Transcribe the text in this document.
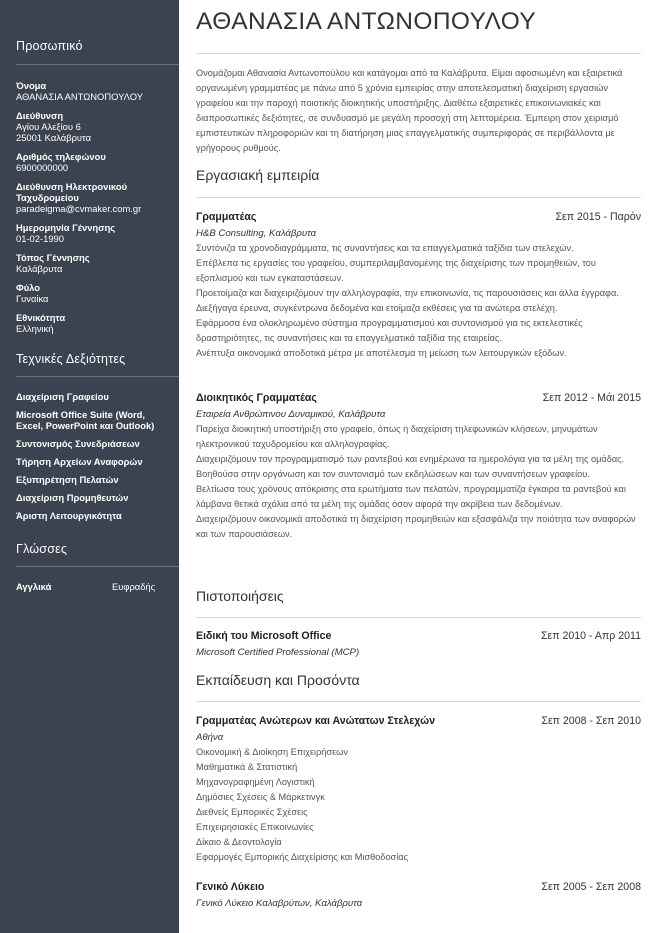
Προσωπικό
Όνομα
ΑΘΑΝΑΣΙΑ ΑΝΤΩΝΟΠΟΥΛΟΥ
Διεύθυνση
Αγίου Αλεξίου 6
25001 Καλάβρυτα
Αριθμός τηλεφώνου
6900000000
Διεύθυνση Ηλεκτρονικού Ταχυδρομείου
paradeigma@cvmaker.com.gr
Ημερομηνία Γέννησης
01-02-1990
Τόπος Γέννησης
Καλάβρυτα
Φύλο
Γυναίκα
Εθνικότητα
Ελληνική
Τεχνικές Δεξιότητες
Διαχείριση Γραφείου
Microsoft Office Suite (Word, Excel, PowerPoint και Outlook)
Συντονισμός Συνεδριάσεων
Τήρηση Αρχείων Αναφορών
Εξυπηρέτηση Πελατών
Διαχείριση Προμηθευτών
Άριστη Λειτουργικότητα
Γλώσσες
Αγγλικά	Ευφραδής
ΑΘΑΝΑΣΙΑ ΑΝΤΩΝΟΠΟΥΛΟΥ
Ονομάζομαι Αθανασία Αντωνοπούλου και κατάγομαι από τα Καλάβρυτα. Είμαι αφοσιωμένη και εξαιρετικά οργανωμένη γραμματέας με πάνω από 5 χρόνια εμπειρίας στην αποτελεσματική διαχείριση εργασιών γραφείου και την παροχή ποιοτικής διοικητικής υποστήριξης. Διαθέτω εξαιρετικές επικοινωνιακές και διαπροσωπικές δεξιότητες, σε συνδυασμό με μεγάλη προσοχή στη λεπτομέρεια. Έμπειρη στον χειρισμό εμπιστευτικών πληροφοριών και τη διατήρηση μιας επαγγελματικής συμπεριφοράς σε περιβάλλοντα με γρήγορους ρυθμούς.
Εργασιακή εμπειρία
Γραμματέας	Σεπ 2015 - Παρόν
H&B Consulting, Καλάβρυτα

Συντόνιζα τα χρονοδιαγράμματα, τις συναντήσεις και τα επαγγελματικά ταξίδια των στελεχών.

Επέβλεπα τις εργασίες του γραφείου, συμπεριλαμβανομένης της διαχείρισης των προμηθειών, του εξοπλισμού και των εγκαταστάσεων.

Προετοίμαζα και διαχειριζόμουν την αλληλογραφία, την επικοινωνία, τις παρουσιάσεις και άλλα έγγραφα.

Διεξήγαγα έρευνα, συγκέντρωνα δεδομένα και ετοίμαζα εκθέσεις για τα ανώτερα στελέχη.

Εφάρμοσα ένα ολοκληρωμένο σύστημα προγραμματισμού και συντονισμού για τις εκτελεστικές δραστηριότητες, τις συναντήσεις και τα επαγγελματικά ταξίδια της εταιρείας.

Ανέπτυξα οικονομικά αποδοτικά μέτρα με αποτέλεσμα τη μείωση των λειτουργικών εξόδων.

Διοικητικός Γραμματέας	Σεπ 2012 - Μάι 2015
Εταιρεία Ανθρώπινου Δυναμικού, Καλάβρυτα

Παρείχα διοικητική υποστήριξη στο γραφείο, όπως η διαχείριση τηλεφωνικών κλήσεων, μηνυμάτων ηλεκτρονικού ταχυδρομείου και αλληλογραφίας.

Διαχειριζόμουν τον προγραμματισμό των ραντεβού και ενημέρωνα τα ημερολόγια για τα μέλη της ομάδας.

Βοηθούσα στην οργάνωση και τον συντονισμό των εκδηλώσεων και των συναντήσεων γραφείου.

Βελτίωσα τους χρόνους απόκρισης στα ερωτήματα των πελατών, προγραμματίζα έγκαιρα τα ραντεβού και λάμβανα θετικά σχόλια από τα μέλη της ομάδας όσον αφορά την ακρίβεια των δεδομένων.

Διαχειριζόμουν οικονομικά αποδοτικά τη διαχείριση προμηθειών και εξασφάλιζα την ποιότητα των αναφορών και των παρουσιάσεων.

Πιστοποιήσεις
Ειδική του Microsoft Office	Σεπ 2010 - Απρ 2011
Microsoft Certified Professional (MCP)
Εκπαίδευση και Προσόντα
Γραμματέας Ανώτερων και Ανώτατων Στελεχών	Σεπ 2008 - Σεπ 2010
Αθήνα

Οικονομική & Διοίκηση Επιχειρήσεων

Μαθηματικά & Στατιστική

Μηχανογραφημένη Λογιστική

Δημόσιες Σχέσεις & Μάρκετινγκ

Διεθνείς Εμπορικές Σχέσεις

Επιχειρησιακές Επικοινωνίες

Δίκαιο & Δεοντολογία

Εφαρμογές Εμπορικής Διαχείρισης και Μισθοδοσίας

Γενικό Λύκειο	Σεπ 2005 - Σεπ 2008
Γενικό Λύκειο Καλαβρύτων, Καλάβρυτα
